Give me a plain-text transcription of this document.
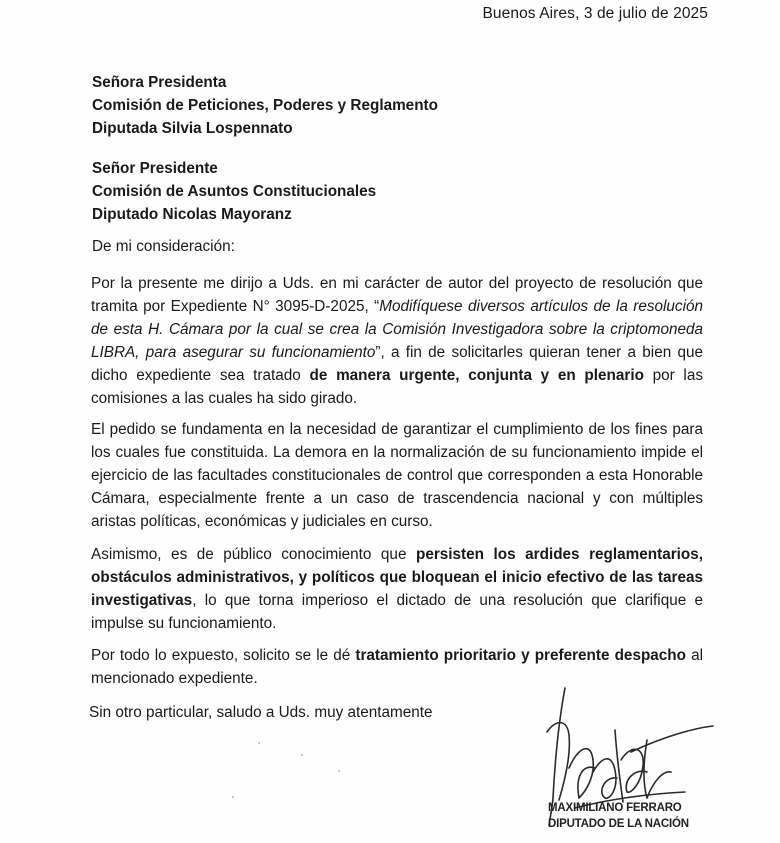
Buenos Aires, 3 de julio de 2025
Señora Presidenta
Comisión de Peticiones, Poderes y Reglamento
Diputada Silvia Lospennato
Señor Presidente
Comisión de Asuntos Constitucionales
Diputado Nicolas Mayoranz
De mi consideración:

Por la presente me dirijo a Uds. en mi carácter de autor del proyecto de resolución que tramita por Expediente N° 3095-D-2025, “Modifíquese diversos artículos de la resolución de esta H. Cámara por la cual se crea la Comisión Investigadora sobre la criptomoneda LIBRA, para asegurar su funcionamiento”, a fin de solicitarles quieran tener a bien que dicho expediente sea tratado de manera urgente, conjunta y en plenario por las comisiones a las cuales ha sido girado.

El pedido se fundamenta en la necesidad de garantizar el cumplimiento de los fines para los cuales fue constituida. La demora en la normalización de su funcionamiento impide el ejercicio de las facultades constitucionales de control que corresponden a esta Honorable Cámara, especialmente frente a un caso de trascendencia nacional y con múltiples aristas políticas, económicas y judiciales en curso.

Asimismo, es de público conocimiento que persisten los ardides reglamentarios, obstáculos administrativos, y políticos que bloquean el inicio efectivo de las tareas investigativas, lo que torna imperioso el dictado de una resolución que clarifique e impulse su funcionamiento.

Por todo lo expuesto, solicito se le dé tratamiento prioritario y preferente despacho al mencionado expediente.

Sin otro particular, saludo a Uds. muy atentamente
MAXIMILIANO FERRARO
DIPUTADO DE LA NACIÓN
